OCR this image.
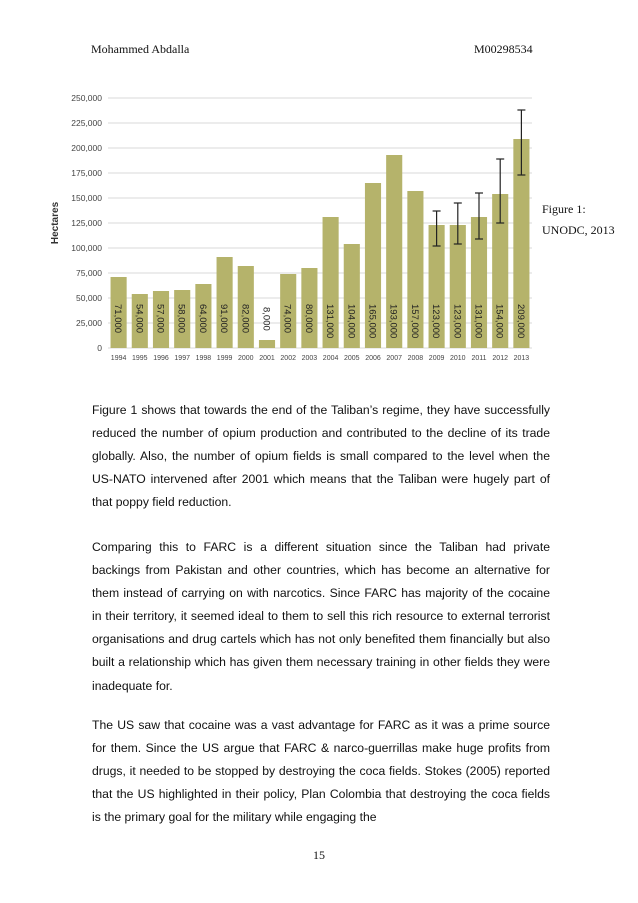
Mohammed Abdalla	M00298534
71,000 54,000 57,000 58,000 64,000 91,000 82,000 8,000 74,000 80,000 131,000 104,000 165,000 193,000 157,000 123,000 123,000 131,000 154,000 209,000
0
25,000
50,000
75,000
100,000
125,000
150,000
175,000
200,000
225,000
250,000
Hectares
1994 1995 1996 1997 1998 1999 2000 2001 2002 2003 2004 2005 2006 2007 2008 2009 2010 2011 2012 2013
Figure 1:
UNODC, 2013

Figure 1 shows that towards the end of the Taliban’s regime, they have successfully reduced the number of opium production and contributed to the decline of its trade globally. Also, the number of opium fields is small compared to the level when the US-NATO intervened after 2001 which means that the Taliban were hugely part of that poppy field reduction.

Comparing this to FARC is a different situation since the Taliban had private backings from Pakistan and other countries, which has become an alternative for them instead of carrying on with narcotics. Since FARC has majority of the cocaine in their territory, it seemed ideal to them to sell this rich resource to external terrorist organisations and drug cartels which has not only benefited them financially but also built a relationship which has given them necessary training in other fields they were inadequate for.

The US saw that cocaine was a vast advantage for FARC as it was a prime source for them. Since the US argue that FARC & narco-guerrillas make huge profits from drugs, it needed to be stopped by destroying the coca fields. Stokes (2005) reported that the US highlighted in their policy, Plan Colombia that destroying the coca fields is the primary goal for the military while engaging the

15
